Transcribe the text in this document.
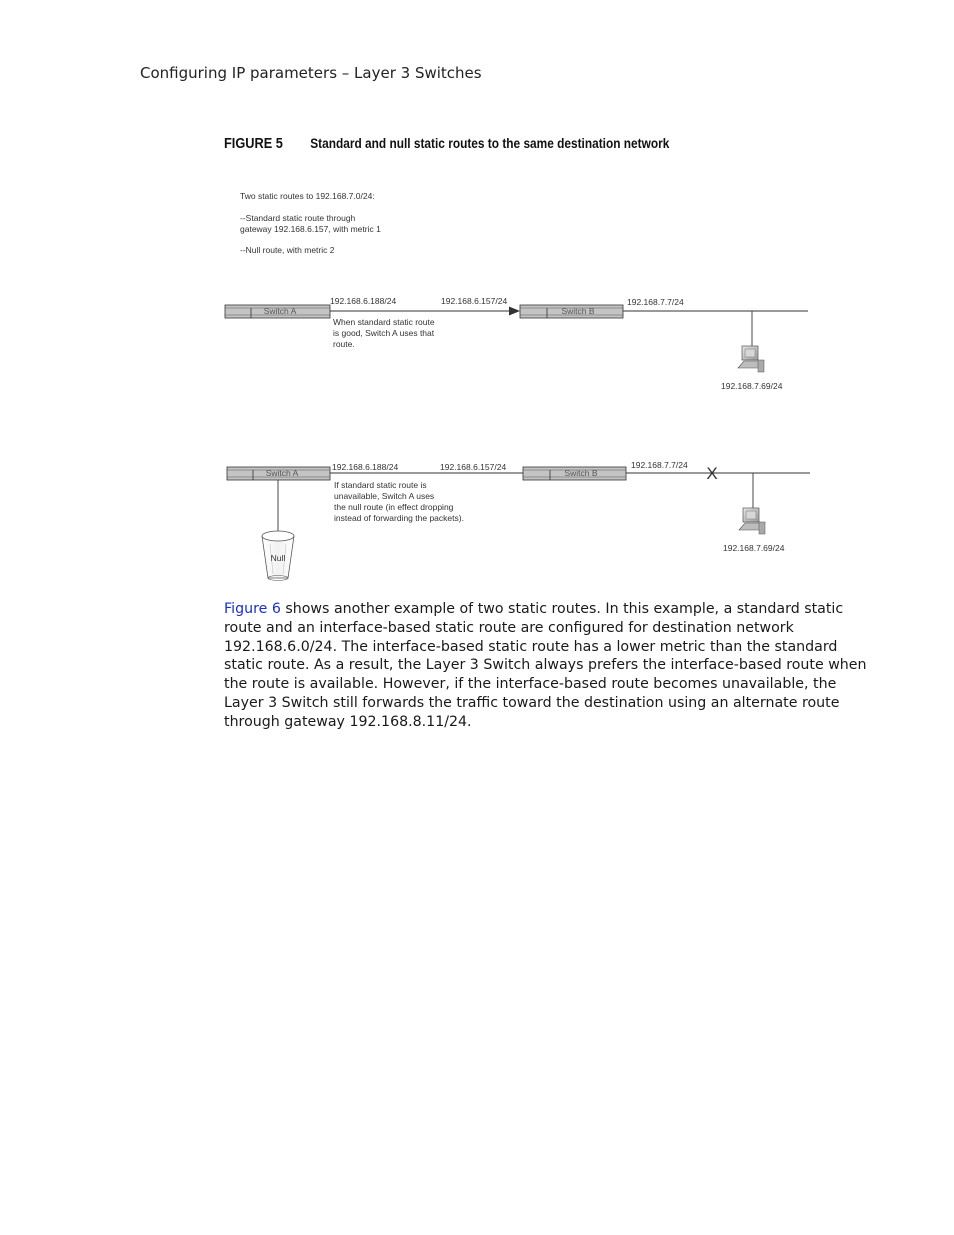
Configuring IP parameters – Layer 3 Switches
FIGURE 5 Standard and null static routes to the same destination network
Two static routes to 192.168.7.0/24:
--Standard static route through
gateway 192.168.6.157, with metric 1
--Null route, with metric 2
Switch A	Switch B
192.168.6.188/24	192.168.6.157/24	192.168.7.7/24
192.168.7.69/24
When standard static route
is good, Switch A uses that
route.
Switch A	Switch B	X
Null
192.168.6.188/24	192.168.6.157/24	192.168.7.7/24
192.168.7.69/24
If standard static route is
unavailable, Switch A uses
the null route (in effect dropping
instead of forwarding the packets).

Figure 6 shows another example of two static routes. In this example, a standard static route and an interface-based static route are configured for destination network 192.168.6.0/24. The interface-based static route has a lower metric than the standard static route. As a result, the Layer 3 Switch always prefers the interface-based route when the route is available. However, if the interface-based route becomes unavailable, the Layer 3 Switch still forwards the traffic toward the destination using an alternate route through gateway 192.168.8.11/24.
